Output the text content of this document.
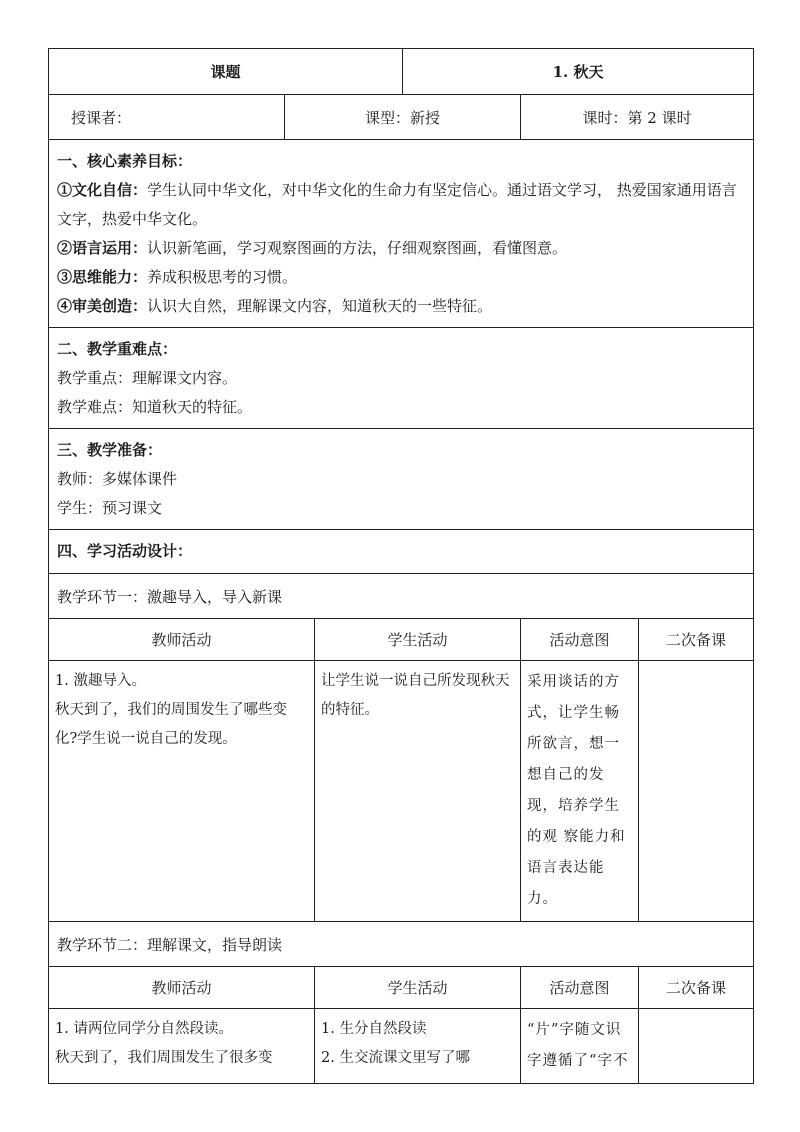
课题			1. 秋天		
授课者：	课型：新授			课时：第 2 课时	

一、核心素养目标：
①文化自信：学生认同中华文化，对中华文化的生命力有坚定信心。通过语文学习， 热爱国家通用语言文字，热爱中华文化。
②语言运用：认识新笔画，学习观察图画的方法，仔细观察图画，看懂图意。
③思维能力：养成积极思考的习惯。
④审美创造：认识大自然，理解课文内容，知道秋天的一些特征。					

二、教学重难点：
教学重点：理解课文内容。
教学难点：知道秋天的特征。					

三、教学准备：
教师：多媒体课件
学生：预习课文					

四、学习活动设计：					

教学环节一：激趣导入，导入新课					
教师活动		学生活动		活动意图	二次备课

1. 激趣导入。
秋天到了，我们的周围发生了哪些变化?学生说一说自己的发现。		让学生说一说自己所发现秋天的特征。		采用谈话的方式，让学生畅所欲言，想一想自己的发现，培养学生的观 察能力和语言表达能力。	

教学环节二：理解课文，指导朗读					
教师活动		学生活动		活动意图	二次备课

1. 请两位同学分自然段读。
秋天到了，我们周围发生了很多变		1. 生分自然段读
2. 生交流课文里写了哪		“片”字随文识字遵循了“字不	
